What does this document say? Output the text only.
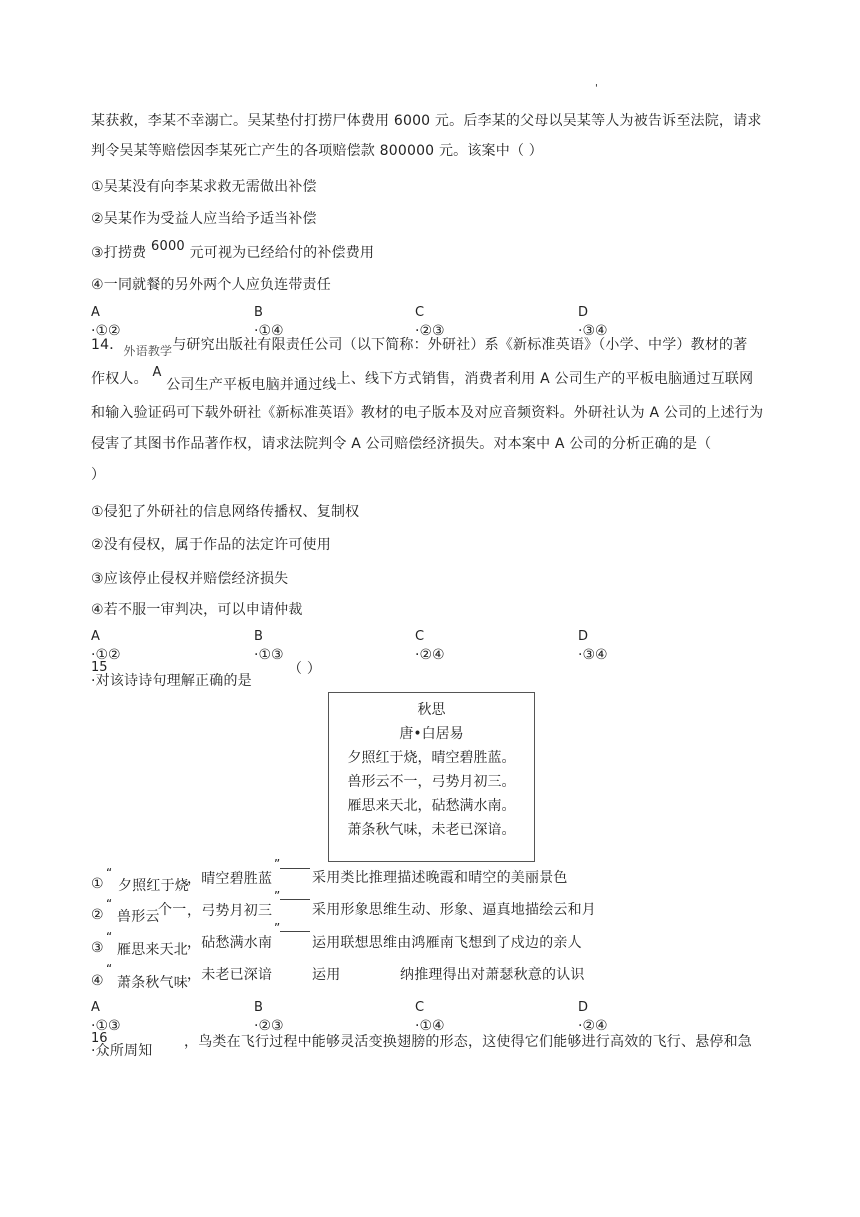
'
某获救，李某不幸溺亡。吴某垫付打捞尸体费用 6000 元。后李某的父母以吴某等人为被告诉至法院，请求
判令吴某等赔偿因李某死亡产生的各项赔偿款 800000 元。该案中（ ）
①吴某没有向李某求救无需做出补偿
②吴某作为受益人应当给予适当补偿
③打捞费 6000 元可视为已经给付的补偿费用
④一同就餐的另外两个人应负连带责任
A
·①②
B
·①④
C
·②③
D
·③④
14．外语教学与研究出版社有限责任公司（以下简称：外研社）系《新标准英语》（小学、中学）教材的著
作权人。 A 公司生产平板电脑并通过线上、线下方式销售，消费者利用 A 公司生产的平板电脑通过互联网
和输入验证码可下载外研社《新标准英语》教材的电子版本及对应音频资料。外研社认为 A 公司的上述行为
侵害了其图书作品著作权，请求法院判令 A 公司赔偿经济损失。对本案中 A 公司的分析正确的是（
）
①侵犯了外研社的信息网络传播权、复制权
②没有侵权，属于作品的法定许可使用
③应该停止侵权并赔偿经济损失
④若不服一审判决，可以申请仲裁
A
·①②
B
·①③
C
·②④
D
·③④
15
·对该诗诗句理解正确的是
（ ）
秋思
唐•白居易
夕照红于烧，晴空碧胜蓝。
兽形云不一，弓势月初三。
雁思来天北，砧愁满水南。
萧条秋气味，未老已深谙。
①
“
夕照红于烧
，晴空碧胜蓝
”
采用类比推理描述晚霞和晴空的美丽景色
②
“
兽形云
个一 ，弓势月初三
”
采用形象思维生动、形象、逼真地描绘云和月
③
“
雁思来天北 ，砧愁满水南
”
运用联想思维由鸿雁南飞想到了戍边的亲人
④
“
萧条秋气味 ，未老已深谙	运用	纳推理得出对萧瑟秋意的认识
A
·①③
B
·②③
C
·①④
D
·②④
16
·众所周知
，鸟类在飞行过程中能够灵活变换翅膀的形态，这使得它们能够进行高效的飞行、悬停和急
